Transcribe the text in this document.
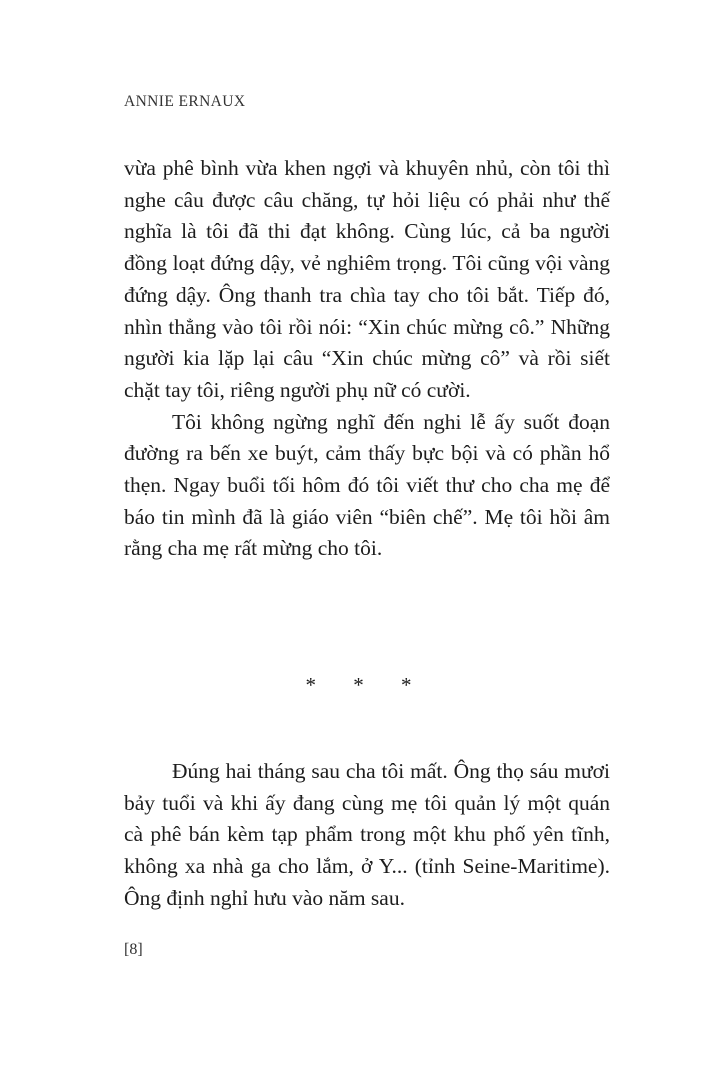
ANNIE ERNAUX

vừa phê bình vừa khen ngợi và khuyên nhủ, còn tôi thì nghe câu được câu chăng, tự hỏi liệu có phải như thế nghĩa là tôi đã thi đạt không. Cùng lúc, cả ba người đồng loạt đứng dậy, vẻ nghiêm trọng. Tôi cũng vội vàng đứng dậy. Ông thanh tra chìa tay cho tôi bắt. Tiếp đó, nhìn thẳng vào tôi rồi nói: “Xin chúc mừng cô.” Những người kia lặp lại câu “Xin chúc mừng cô” và rồi siết chặt tay tôi, riêng người phụ nữ có cười.

Tôi không ngừng nghĩ đến nghi lễ ấy suốt đoạn đường ra bến xe buýt, cảm thấy bực bội và có phần hổ thẹn. Ngay buổi tối hôm đó tôi viết thư cho cha mẹ để báo tin mình đã là giáo viên “biên chế”. Mẹ tôi hồi âm rằng cha mẹ rất mừng cho tôi.

* * *

Đúng hai tháng sau cha tôi mất. Ông thọ sáu mươi bảy tuổi và khi ấy đang cùng mẹ tôi quản lý một quán cà phê bán kèm tạp phẩm trong một khu phố yên tĩnh, không xa nhà ga cho lắm, ở Y... (tỉnh Seine-Maritime). Ông định nghỉ hưu vào năm sau.

[8]
